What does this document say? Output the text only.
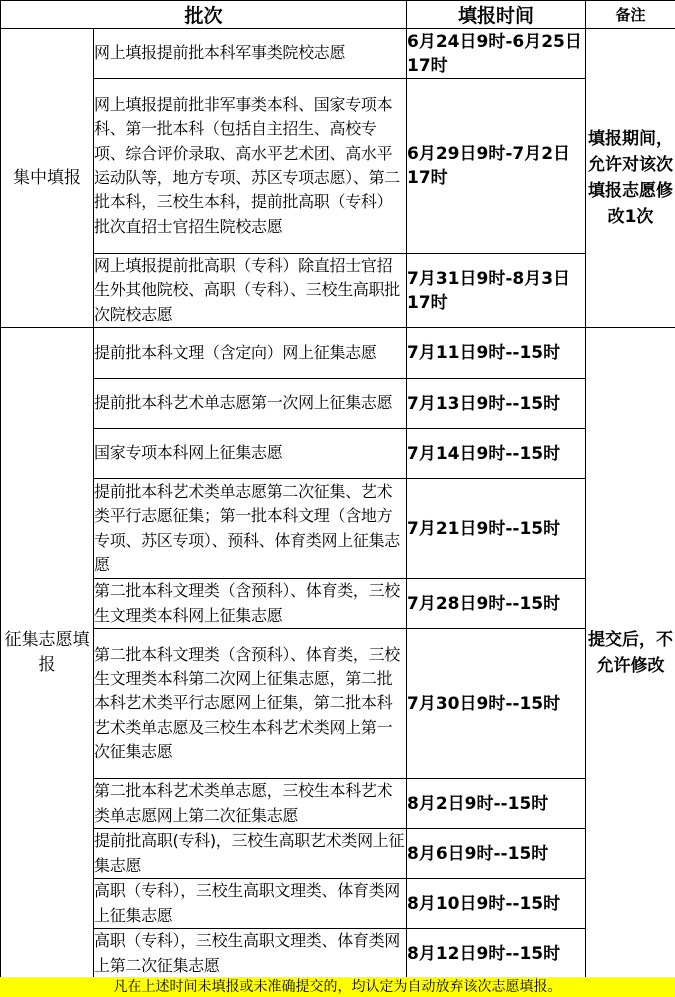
批次		填报时间	备注
集中填报	网上填报提前批本科军事类院校志愿	6月24日9时-6月25日17时	填报期间，允许对该次填报志愿修改1次
	网上填报提前批非军事类本科、国家专项本科、第一批本科（包括自主招生、高校专项、综合评价录取、高水平艺术团、高水平运动队等，地方专项、苏区专项志愿）、第二批本科，三校生本科，提前批高职（专科）批次直招士官招生院校志愿	6月29日9时-7月2日17时	
	网上填报提前批高职（专科）除直招士官招生外其他院校、高职（专科）、三校生高职批次院校志愿	7月31日9时-8月3日17时	
征集志愿填报	提前批本科文理（含定向）网上征集志愿	7月11日9时--15时	提交后，不允许修改
	提前批本科艺术单志愿第一次网上征集志愿	7月13日9时--15时	
	国家专项本科网上征集志愿	7月14日9时--15时	
	提前批本科艺术类单志愿第二次征集、艺术类平行志愿征集；第一批本科文理（含地方专项、苏区专项）、预科、体育类网上征集志愿	7月21日9时--15时	
	第二批本科文理类（含预科）、体育类，三校生文理类本科网上征集志愿	7月28日9时--15时	
	第二批本科文理类（含预科）、体育类，三校生文理类本科第二次网上征集志愿，第二批本科艺术类平行志愿网上征集，第二批本科艺术类单志愿及三校生本科艺术类网上第一次征集志愿	7月30日9时--15时	
	第二批本科艺术类单志愿，三校生本科艺术类单志愿网上第二次征集志愿	8月2日9时--15时	
	提前批高职(专科)，三校生高职艺术类网上征集志愿	8月6日9时--15时	
	高职（专科），三校生高职文理类、体育类网上征集志愿	8月10日9时--15时	
	高职（专科），三校生高职文理类、体育类网上第二次征集志愿	8月12日9时--15时	
凡在上述时间未填报或未准确提交的，均认定为自动放弃该次志愿填报。
